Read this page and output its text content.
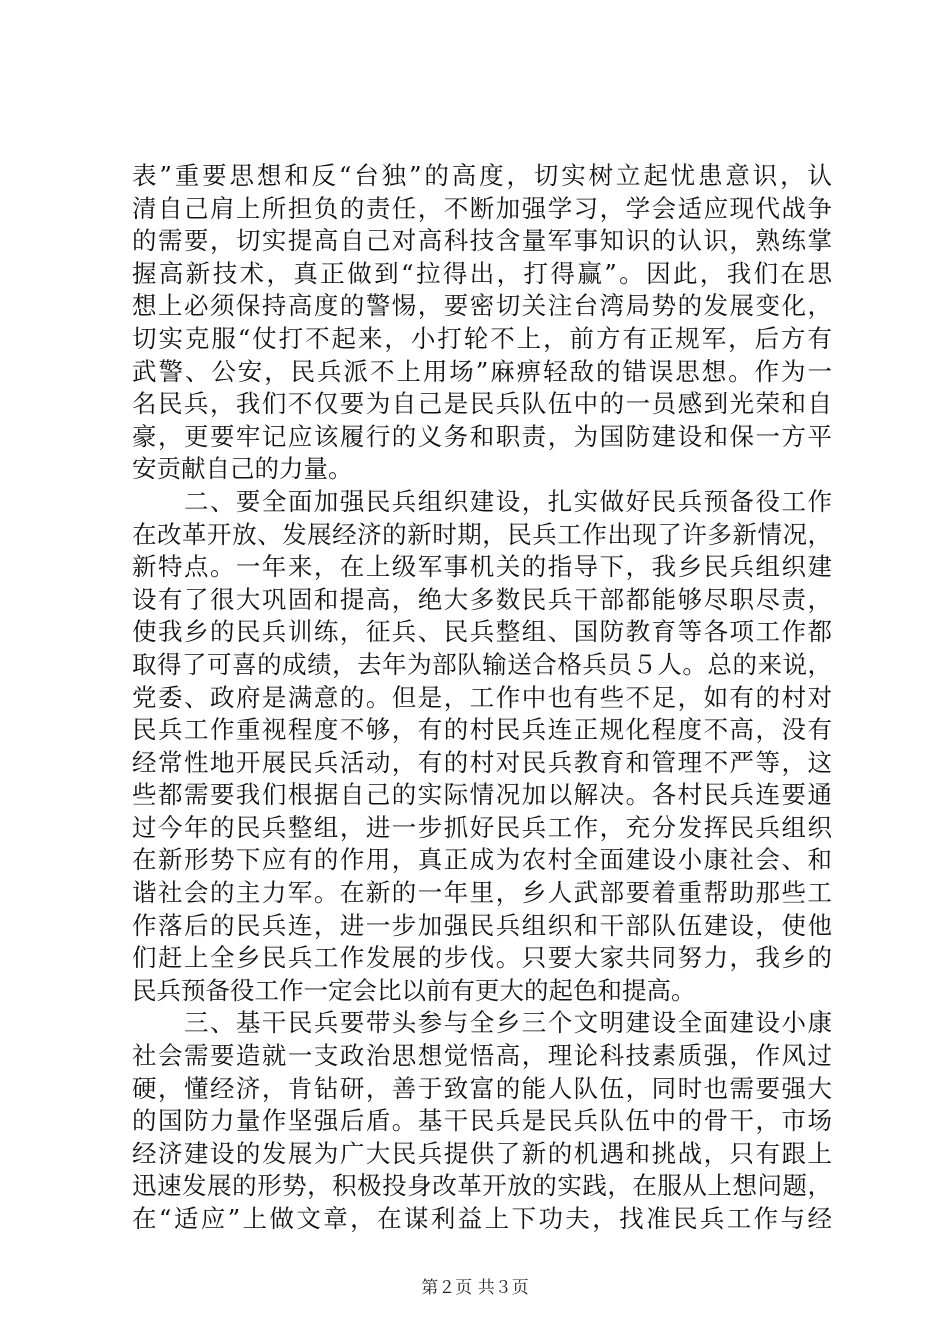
表”重要思想和反“台独”的高度，切实树立起忧患意识，认
清自己肩上所担负的责任，不断加强学习，学会适应现代战争
的需要，切实提高自己对高科技含量军事知识的认识，熟练掌
握高新技术，真正做到“拉得出，打得赢”。因此，我们在思
想上必须保持高度的警惕，要密切关注台湾局势的发展变化，
切实克服“仗打不起来，小打轮不上，前方有正规军，后方有
武警、公安，民兵派不上用场”麻痹轻敌的错误思想。作为一
名民兵，我们不仅要为自己是民兵队伍中的一员感到光荣和自
豪，更要牢记应该履行的义务和职责，为国防建设和保一方平
安贡献自己的力量。
　　二、要全面加强民兵组织建设，扎实做好民兵预备役工作
在改革开放、发展经济的新时期，民兵工作出现了许多新情况，
新特点。一年来，在上级军事机关的指导下，我乡民兵组织建
设有了很大巩固和提高，绝大多数民兵干部都能够尽职尽责，
使我乡的民兵训练，征兵、民兵整组、国防教育等各项工作都
取得了可喜的成绩，去年为部队输送合格兵员５人。总的来说，
党委、政府是满意的。但是，工作中也有些不足，如有的村对
民兵工作重视程度不够，有的村民兵连正规化程度不高，没有
经常性地开展民兵活动，有的村对民兵教育和管理不严等，这
些都需要我们根据自己的实际情况加以解决。各村民兵连要通
过今年的民兵整组，进一步抓好民兵工作，充分发挥民兵组织
在新形势下应有的作用，真正成为农村全面建设小康社会、和
谐社会的主力军。在新的一年里，乡人武部要着重帮助那些工
作落后的民兵连，进一步加强民兵组织和干部队伍建设，使他
们赶上全乡民兵工作发展的步伐。只要大家共同努力，我乡的
民兵预备役工作一定会比以前有更大的起色和提高。
　　三、基干民兵要带头参与全乡三个文明建设全面建设小康
社会需要造就一支政治思想觉悟高，理论科技素质强，作风过
硬，懂经济，肯钻研，善于致富的能人队伍，同时也需要强大
的国防力量作坚强后盾。基干民兵是民兵队伍中的骨干，市场
经济建设的发展为广大民兵提供了新的机遇和挑战，只有跟上
迅速发展的形势，积极投身改革开放的实践，在服从上想问题，
在“适应”上做文章，在谋利益上下功夫，找准民兵工作与经
第２页 共３页
